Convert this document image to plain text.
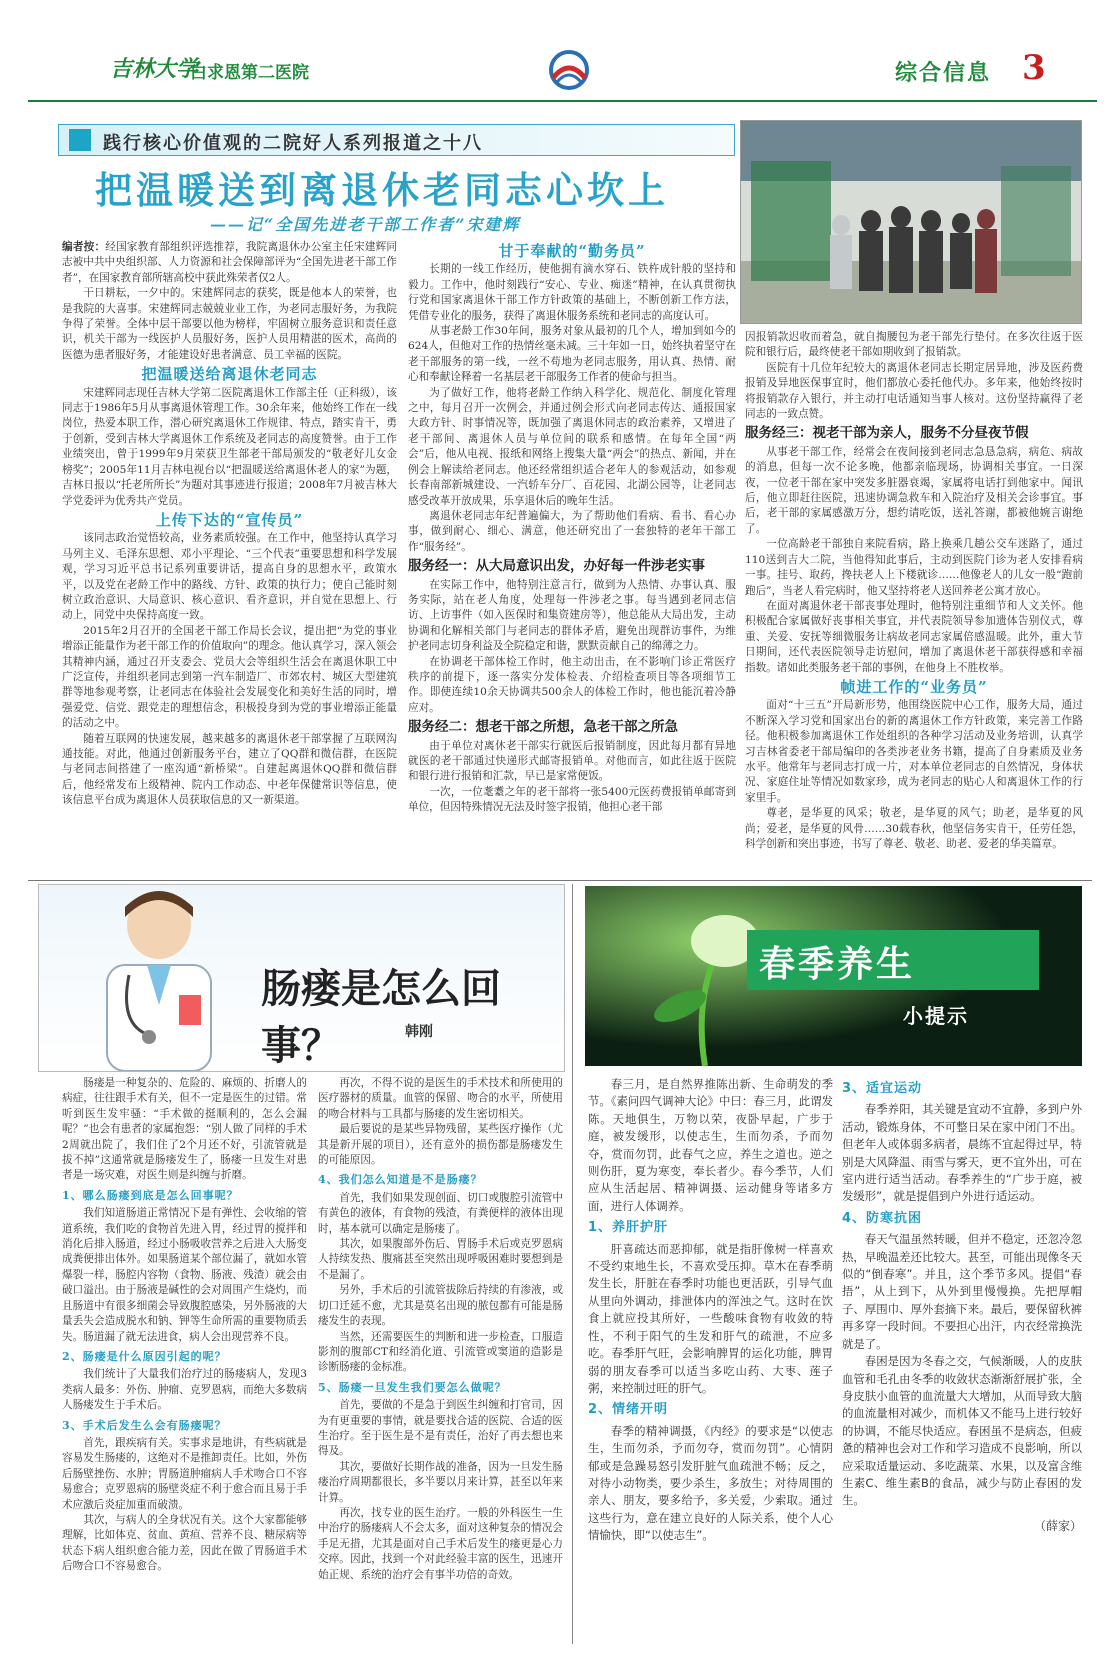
吉林大学
白求恩第二医院	综合信息 3
践行核心价值观的二院好人系列报道之十八
把温暖送到离退休老同志心坎上
——记“全国先进老干部工作者”宋建辉

编者按：经国家教育部组织评选推荐，我院离退休办公室主任宋建辉同志被中共中央组织部、人力资源和社会保障部评为“全国先进老干部工作者”，在国家教育部所辖高校中获此殊荣者仅2人。

干日耕耘，一夕中的。宋建辉同志的获奖，既是他本人的荣誉，也是我院的大喜事。宋建辉同志兢兢业业工作，为老同志服好务，为我院争得了荣誉。全体中层干部要以他为榜样，牢固树立服务意识和责任意识，机关干部为一线医护人员服好务，医护人员用精湛的医术，高尚的医德为患者服好务，才能建设好患者满意、员工幸福的医院。

把温暖送给离退休老同志

宋建辉同志现任吉林大学第二医院离退休工作部主任（正科级），该同志于1986年5月从事离退休管理工作。30余年来，他始终工作在一线岗位，热爱本职工作，潜心研究离退休工作规律、特点，踏实肯干，勇于创新，受到吉林大学离退休工作系统及老同志的高度赞誉。由于工作业绩突出，曾于1999年9月荣获卫生部老干部局颁发的“敬老好儿女金榜奖”；2005年11月吉林电视台以“把温暖送给离退休老人的家”为题，吉林日报以“托老所所长”为题对其事迹进行报道；2008年7月被吉林大学党委评为优秀共产党员。

上传下达的“宣传员”

该同志政治觉悟较高，业务素质较强。在工作中，他坚持认真学习马列主义、毛泽东思想、邓小平理论、“三个代表”重要思想和科学发展观，学习习近平总书记系列重要讲话，提高自身的思想水平，政策水平，以及党在老龄工作中的路线、方针、政策的执行力；使自己能时刻树立政治意识、大局意识、核心意识、看齐意识，并自觉在思想上、行动上，同党中央保持高度一致。

2015年2月召开的全国老干部工作局长会议，提出把“为党的事业增添正能量作为老干部工作的价值取向”的理念。他认真学习，深入领会其精神内涵，通过召开支委会、党员大会等组织生活会在离退休职工中广泛宣传，并组织老同志到第一汽车制造厂、市郊农村、城区大型建筑群等地参观考察，让老同志在体验社会发展变化和美好生活的同时，增强爱党、信党、跟党走的理想信念，积极投身到为党的事业增添正能量的活动之中。

随着互联网的快速发展，越来越多的离退休老干部掌握了互联网沟通技能。对此，他通过创新服务平台，建立了QQ群和微信群，在医院与老同志间搭建了一座沟通“新桥梁”。自建起离退休QQ群和微信群后，他经常发布上级精神、院内工作动态、中老年保健常识等信息，使该信息平台成为离退休人员获取信息的又一新渠道。

甘于奉献的“勤务员”

长期的一线工作经历，使他拥有滴水穿石、铁杵成针般的坚持和毅力。工作中，他时刻践行“安心、专业、痴迷”精神，在认真贯彻执行党和国家离退休干部工作方针政策的基础上，不断创新工作方法，凭借专业化的服务，获得了离退休服务系统和老同志的高度认可。

从事老龄工作30年间，服务对象从最初的几个人，增加到如今的624人，但他对工作的热情丝毫未减。三十年如一日，始终执着坚守在老干部服务的第一线，一丝不苟地为老同志服务，用认真、热情、耐心和奉献诠释着一名基层老干部服务工作者的使命与担当。

为了做好工作，他将老龄工作纳入科学化、规范化、制度化管理之中，每月召开一次例会，并通过例会形式向老同志传达、通报国家大政方针、时事情况等，既加强了离退休同志的政治素养，又增进了老干部间、离退休人员与单位间的联系和感情。在每年全国“两会”后，他从电视、报纸和网络上搜集大量“两会”的热点、新闻，并在例会上解读给老同志。他还经常组织适合老年人的参观活动，如参观长春南部新城建设、一汽轿车分厂、百花园、北湖公园等，让老同志感受改革开放成果，乐享退休后的晚年生活。

离退休老同志年纪普遍偏大，为了帮助他们看病、看书、看心办事，做到耐心、细心、满意，他还研究出了一套独特的老年干部工作“服务经”。

服务经一：从大局意识出发，办好每一件涉老实事

在实际工作中，他特别注意言行，做到为人热情、办事认真、服务实际，站在老人角度，处理每一件涉老之事。每当遇到老同志信访、上访事件（如入医保时和集资建房等），他总能从大局出发，主动协调和化解相关部门与老同志的群体矛盾，避免出现群访事件，为维护老同志切身利益及全院稳定和谐，默默贡献自己的绵薄之力。

在协调老干部体检工作时，他主动出击，在不影响门诊正常医疗秩序的前提下，逐一落实分发体检表、介绍检查项目等各项细节工作。即使连续10余天协调共500余人的体检工作时，他也能沉着冷静应对。

服务经二：想老干部之所想，急老干部之所急

由于单位对离休老干部实行就医后报销制度，因此每月都有异地就医的老干部通过快递形式邮寄报销单。对他而言，如此往返于医院和银行进行报销和汇款，早已是家常便饭。

一次，一位耄耋之年的老干部将一张5400元医药费报销单邮寄到单位，但因特殊情况无法及时签字报销，他担心老干部

因报销款迟收而着急，就自掏腰包为老干部先行垫付。在多次往返于医院和银行后，最终使老干部如期收到了报销款。

医院有十几位年纪较大的离退休老同志长期定居异地，涉及医药费报销及异地医保事宜时，他们都放心委托他代办。多年来，他始终按时将报销款存入银行，并主动打电话通知当事人核对。这份坚持赢得了老同志的一致点赞。

服务经三：视老干部为亲人，服务不分昼夜节假

从事老干部工作，经常会在夜间接到老同志急恳急病，病危、病故的消息，但每一次不论多晚，他都亲临现场，协调相关事宜。一日深夜，一位老干部在家中突发多脏器衰竭，家属将电话打到他家中。闻讯后，他立即赶往医院，迅速协调急救车和入院治疗及相关会诊事宜。事后，老干部的家属感激万分，想约请吃饭，送礼答谢，都被他婉言谢绝了。

一位高龄老干部独自来院看病，路上换乘几趟公交车迷路了，通过110送到吉大二院，当他得知此事后，主动到医院门诊为老人安排看病一事。挂号、取药，搀扶老人上下楼就诊……他像老人的儿女一般“跑前跑后”，当老人看完病时，他又坚持将老人送回养老公寓才放心。

在面对离退休老干部丧事处理时，他特别注重细节和人文关怀。他积极配合家属做好丧事相关事宜，并代表院领导参加遗体告别仪式，尊重、关爱、安抚等细微服务让病故老同志家属倍感温暖。此外，重大节日期间，还代表医院领导走访慰问，增加了离退休老干部获得感和幸福指数。诸如此类服务老干部的事例，在他身上不胜枚举。

帧进工作的“业务员”

面对“十三五”开局新形势，他围绕医院中心工作，服务大局，通过不断深入学习党和国家出台的新的离退休工作方针政策，来完善工作路径。他积极参加离退休工作处组织的各种学习活动及业务培训，认真学习吉林省委老干部局编印的各类涉老业务书籍，提高了自身素质及业务水平。他常年与老同志打成一片，对本单位老同志的自然情况，身体状况、家庭住址等情况如数家珍，成为老同志的贴心人和离退休工作的行家里手。

尊老，是华夏的风采；敬老，是华夏的风气；助老，是华夏的风尚；爱老，是华夏的风骨……30载春秋，他坚信务实肯干，任劳任怨，科学创新和突出事迹，书写了尊老、敬老、助老、爱老的华美篇章。

肠瘘是怎么回事？	韩刚

肠瘘是一种复杂的、危险的、麻烦的、折磨人的病症，往往跟手术有关，但不一定是医生的过错。常听到医生发牢骚：“手术做的挺顺利的，怎么会漏呢？”也会有患者的家属抱怨：“别人做了同样的手术2周就出院了，我们住了2个月还不好，引流管就是拔不掉”这通常就是肠瘘发生了，肠瘘一旦发生对患者是一场灾难，对医生则是纠缠与折磨。

1、哪么肠瘘到底是怎么回事呢？

我们知道肠道正常情况下是有弹性、会收缩的管道系统，我们吃的食物首先进入胃，经过胃的搅拌和消化后排入肠道，经过小肠吸收营养之后进入大肠变成粪便排出体外。如果肠道某个部位漏了，就如水管爆裂一样，肠腔内容物（食物、肠液、残渣）就会由破口溢出。由于肠液是碱性的会对周围产生烧灼，而且肠道中有很多细菌会导致腹腔感染，另外肠液的大量丢失会造成脱水和钠、钾等生命所需的重要物质丢失。肠道漏了就无法进食，病人会出现营养不良。

2、肠瘘是什么原因引起的呢？

我们统计了大量我们治疗过的肠瘘病人，发现3类病人最多：外伤、肿瘤、克罗恩病，而绝大多数病人肠瘘发生于手术后。

3、手术后发生么会有肠瘘呢？

首先，跟疾病有关。实事求是地讲，有些病就是容易发生肠瘘的，这绝对不是推卸责任。比如，外伤后肠壁挫伤、水肿；胃肠道肿瘤病人手术吻合口不容易愈合；克罗恩病的肠壁炎症不利于愈合而且易于手术应激后炎症加重而破溃。

其次，与病人的全身状况有关。这个大家都能够理解，比如体克、贫血、黄疸、营养不良、糖尿病等状态下病人组织愈合能力差，因此在做了胃肠道手术后吻合口不容易愈合。

再次，不得不说的是医生的手术技术和所使用的医疗器材的质量。血管的保留、吻合的水平，所使用的吻合材料与工具都与肠瘘的发生密切相关。

最后要说的是某些异物残留，某些医疗操作（尤其是新开展的项目），还有意外的损伤都是肠瘘发生的可能原因。

4、我们怎么知道是不是肠瘘？

首先，我们如果发现创面、切口或腹腔引流管中有黄色的液体，有食物的残渣，有粪便样的液体出现时，基本就可以确定是肠瘘了。

其次，如果腹部外伤后、胃肠手术后或克罗恩病人持续发热、腹痛甚至突然出现呼吸困难时要想到是不是漏了。

另外，手术后的引流管拔除后持续的有渗液，或切口迁延不愈，尤其是莫名出现的脓包都有可能是肠瘘发生的表现。

当然，还需要医生的判断和进一步检查，口服造影剂的腹部CT和经消化道、引流管或窦道的造影是诊断肠瘘的金标准。

5、肠瘘一旦发生我们要怎么做呢？

首先，要做的不是急于到医生纠缠和打官司，因为有更重要的事情，就是要找合适的医院、合适的医生治疗。至于医生是不是有责任，治好了再去想也来得及。

其次，要做好长期作战的准备，因为一旦发生肠瘘治疗周期都很长，多半要以月来计算，甚至以年来计算。

再次，找专业的医生治疗。一般的外科医生一生中治疗的肠瘘病人不会太多，面对这种复杂的情况会手足无措，尤其是面对自己手术后发生的瘘更是心力交瘁。因此，找到一个对此经验丰富的医生，迅速开始正规、系统的治疗会有事半功倍的奇效。

春季养生
小提示

春三月，是自然界推陈出新、生命萌发的季节。《素问四气调神大论》中曰：春三月，此谓发陈。天地俱生，万物以荣，夜卧早起，广步于庭，被发缓形，以使志生，生而勿杀，予而勿夺，赏而勿罚，此春气之应，养生之道也。逆之则伤肝，夏为寒变，奉长者少。春今季节，人们应从生活起居、精神调摄、运动健身等诸多方面，进行人体调养。

1、养肝护肝

肝喜疏达而恶抑郁，就是指肝像树一样喜欢不受约束地生长，不喜欢受压抑。草木在春季萌发生长，肝脏在春季时功能也更活跃，引导气血从里向外调动，排泄体内的浑浊之气。这时在饮食上就应投其所好，一些酸味食物有收敛的特性，不利于阳气的生发和肝气的疏泄，不应多吃。春季肝气旺，会影响脾胃的运化功能，脾胃弱的朋友春季可以适当多吃山药、大枣、莲子粥，来控制过旺的肝气。

2、情绪开明

春季的精神调摄，《内经》的要求是“以使志生，生而勿杀，予而勿夺，赏而勿罚”。心情阴郁或是急躁易怒引发肝脏气血疏泄不畅；反之，对待小动物类，要少杀生，多放生；对待周围的亲人、朋友，要多给予，多关爱，少索取。通过这些行为，意在建立良好的人际关系，使个人心情愉快，即“以使志生”。

3、适宜运动

春季养阳，其关键是宜动不宜静，多到户外活动，锻炼身体，不可整日呆在家中闭门不出。但老年人或体弱多病者，晨练不宜起得过早，特别是大风降温、雨雪与雾天，更不宜外出，可在室内进行适当活动。春季养生的“广步于庭，被发缓形”，就是提倡到户外进行适运动。

4、防寒抗困

春天气温虽然转暖，但并不稳定，还忽冷忽热，早晚温差还比较大。甚至，可能出现像冬天似的“倒春寒”。并且，这个季节多风。提倡“春捂”，从上到下，从外到里慢慢换。先把厚帽子、厚围巾、厚外套摘下来。最后，要保留秋裤再多穿一段时间。不要担心出汗，内衣经常换洗就是了。

春困是因为冬春之交，气候渐暖，人的皮肤血管和毛孔由冬季的收敛状态渐渐舒展扩张，全身皮肤小血管的血流量大大增加，从而导致大脑的血流量相对减少，而机体又不能马上进行较好的协调，不能尽快适应。春困虽不是病态，但疲惫的精神也会对工作和学习造成不良影响，所以应采取适量运动、多吃蔬菜、水果，以及富含维生素C、维生素B的食品，减少与防止春困的发生。

（薛家）
